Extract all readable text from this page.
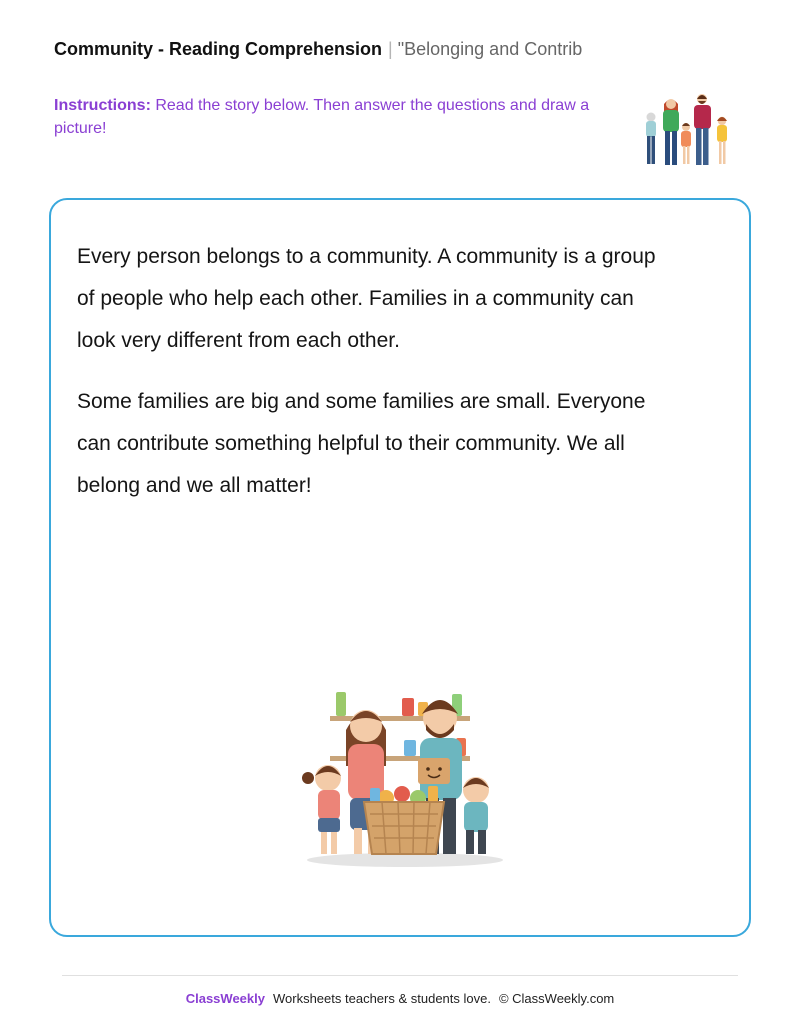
Community - Reading Comprehension | "Belonging and Contrib
Instructions: Read the story below. Then answer the questions and draw a picture!

Every person belongs to a community. A community is a group of people who help each other. Families in a community can look very different from each other.

Some families are big and some families are small. Everyone can contribute something helpful to their community. We all belong and we all matter!

ClassWeekly Worksheets teachers & students love. © ClassWeekly.com
